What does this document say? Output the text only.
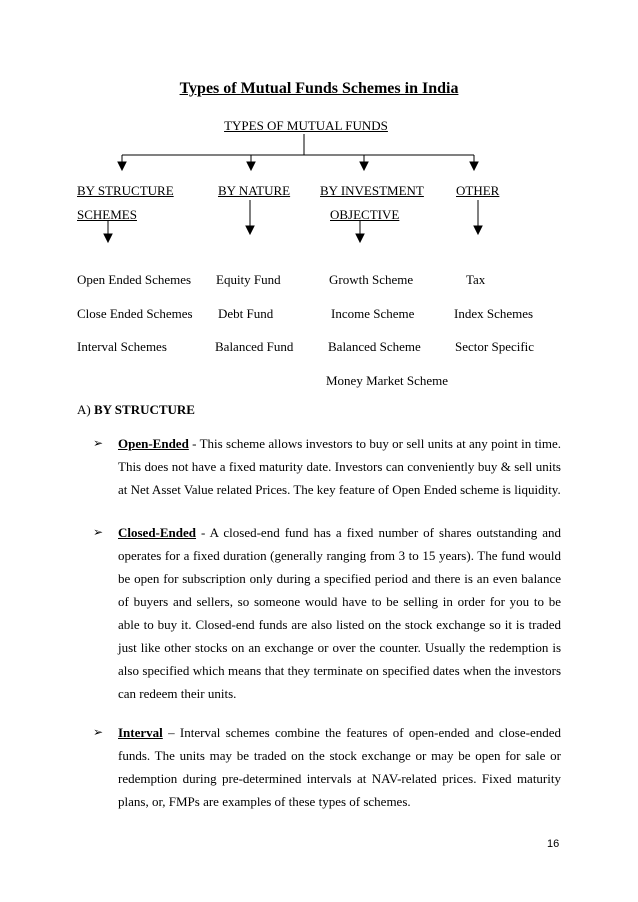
Types of Mutual Funds Schemes in India
TYPES OF MUTUAL FUNDS
BY STRUCTURE
SCHEMES
BY NATURE BY INVESTMENT
OBJECTIVE
OTHER
Open Ended Schemes
Close Ended Schemes
Interval Schemes
Equity Fund
Debt Fund
Balanced Fund
Growth Scheme
Income Scheme
Balanced Scheme
Money Market Scheme
Tax
Index Schemes
Sector Specific
A) BY STRUCTURE
➢ Open-Ended - This scheme allows investors to buy or sell units at any point in time. This does not have a fixed maturity date. Investors can conveniently buy & sell units at Net Asset Value related Prices. The key feature of Open Ended scheme is liquidity.
➢ Closed-Ended - A closed-end fund has a fixed number of shares outstanding and operates for a fixed duration (generally ranging from 3 to 15 years). The fund would be open for subscription only during a specified period and there is an even balance of buyers and sellers, so someone would have to be selling in order for you to be able to buy it. Closed-end funds are also listed on the stock exchange so it is traded just like other stocks on an exchange or over the counter. Usually the redemption is also specified which means that they terminate on specified dates when the investors can redeem their units.
➢ Interval – Interval schemes combine the features of open-ended and close-ended funds. The units may be traded on the stock exchange or may be open for sale or redemption during pre-determined intervals at NAV-related prices. Fixed maturity plans, or, FMPs are examples of these types of schemes.
16
